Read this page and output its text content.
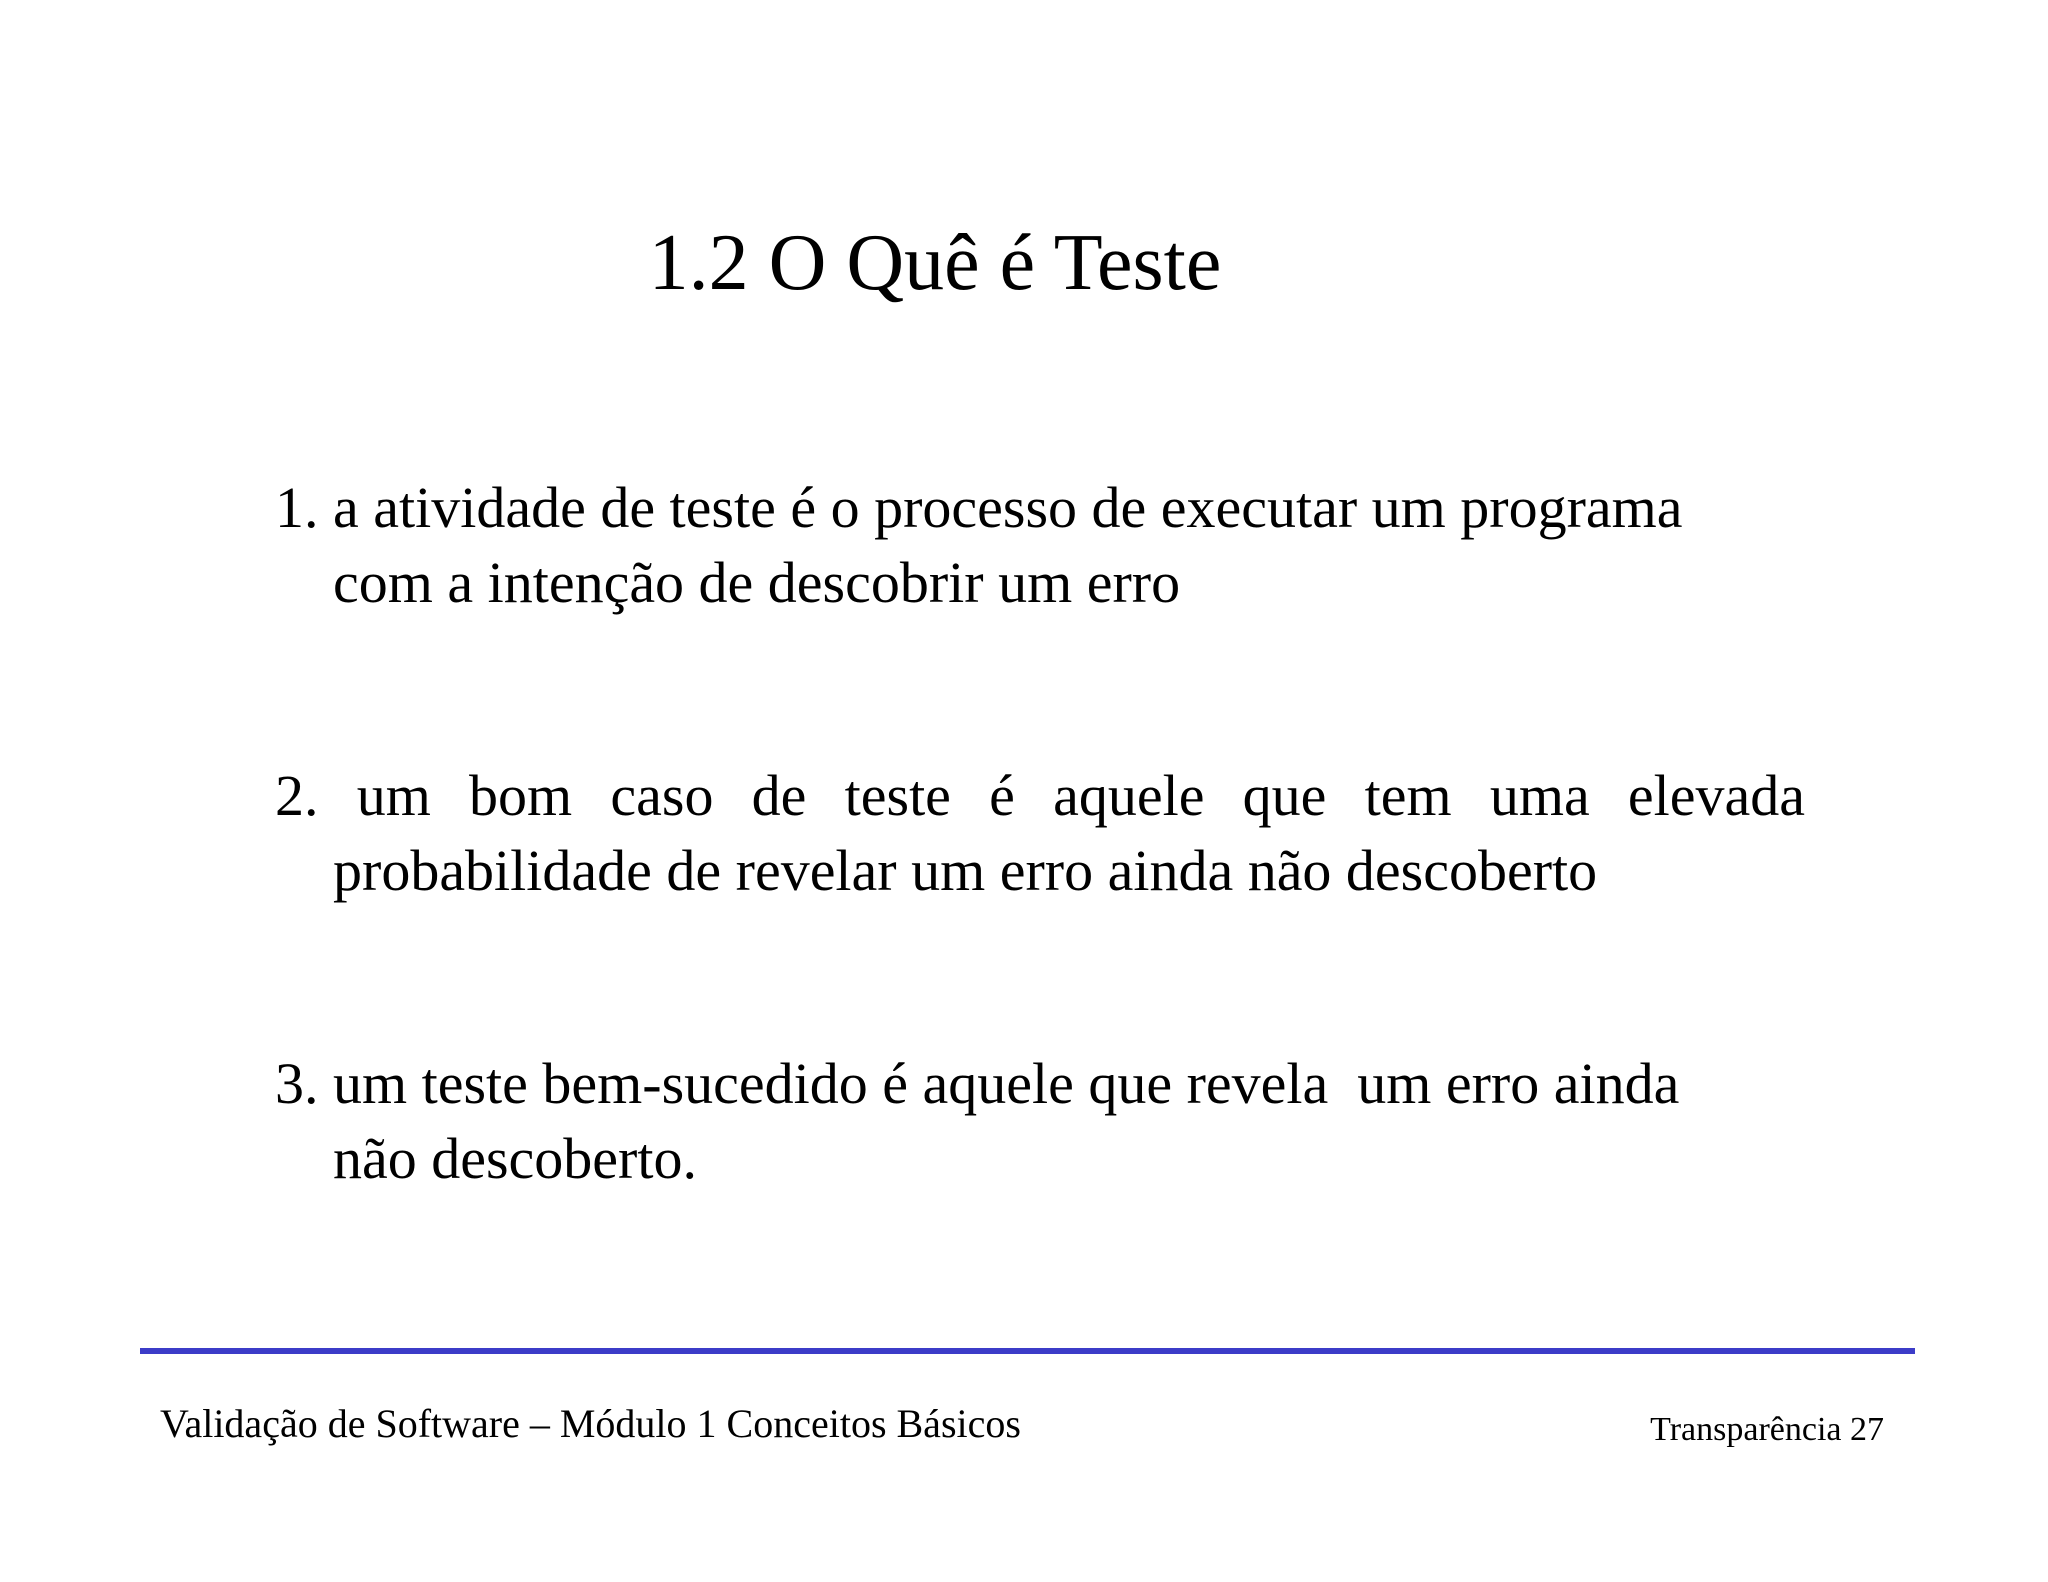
1.2 O Quê é Teste
1. a atividade de teste é o processo de executar um programa
com a intenção de descobrir um erro
2. um bom caso de teste é aquele que tem uma elevada
probabilidade de revelar um erro ainda não descoberto
3. um teste bem-sucedido é aquele que revela  um erro ainda
não descoberto.
Validação de Software – Módulo 1 Conceitos Básicos	Transparência 27
